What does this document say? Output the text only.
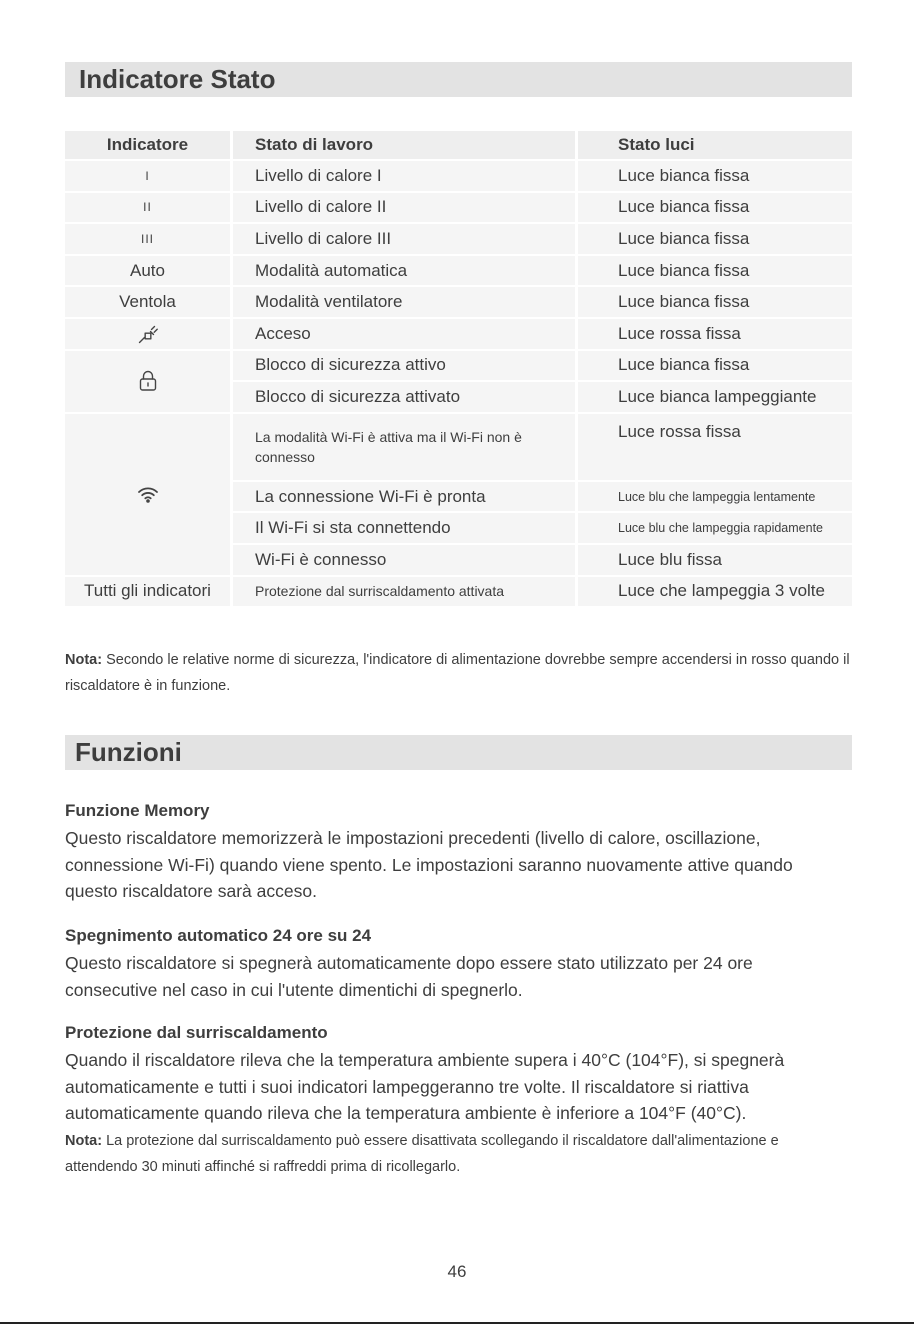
Indicatore Stato
Indicatore	Stato di lavoro	Stato luci
I	Livello di calore I	Luce bianca fissa
II	Livello di calore II	Luce bianca fissa
III	Livello di calore III	Luce bianca fissa
Auto	Modalità automatica	Luce bianca fissa
Ventola	Modalità ventilatore	Luce bianca fissa

	Acceso	Luce rossa fissa

	Blocco di sicurezza attivo	Luce bianca fissa
	Blocco di sicurezza attivato	Luce bianca lampeggiante

	La modalità Wi-Fi è attiva ma il Wi-Fi non è connesso	Luce rossa fissa
	La connessione Wi-Fi è pronta	Luce blu che lampeggia lentamente
	Il Wi-Fi si sta connettendo	Luce blu che lampeggia rapidamente
	Wi-Fi è connesso	Luce blu fissa
Tutti gli indicatori	Protezione dal surriscaldamento attivata	Luce che lampeggia 3 volte
Nota: Secondo le relative norme di sicurezza, l'indicatore di alimentazione dovrebbe sempre accendersi in rosso quando il riscaldatore è in funzione.
Funzioni
Funzione Memory
Questo riscaldatore memorizzerà le impostazioni precedenti (livello di calore, oscillazione, connessione Wi-Fi) quando viene spento. Le impostazioni saranno nuovamente attive quando questo riscaldatore sarà acceso.
Spegnimento automatico 24 ore su 24
Questo riscaldatore si spegnerà automaticamente dopo essere stato utilizzato per 24 ore consecutive nel caso in cui l'utente dimentichi di spegnerlo.
Protezione dal surriscaldamento
Quando il riscaldatore rileva che la temperatura ambiente supera i 40°C (104°F), si spegnerà automaticamente e tutti i suoi indicatori lampeggeranno tre volte. Il riscaldatore si riattiva automaticamente quando rileva che la temperatura ambiente è inferiore a 104°F (40°C).
Nota: La protezione dal surriscaldamento può essere disattivata scollegando il riscaldatore dall'alimentazione e attendendo 30 minuti affinché si raffreddi prima di ricollegarlo.
46
